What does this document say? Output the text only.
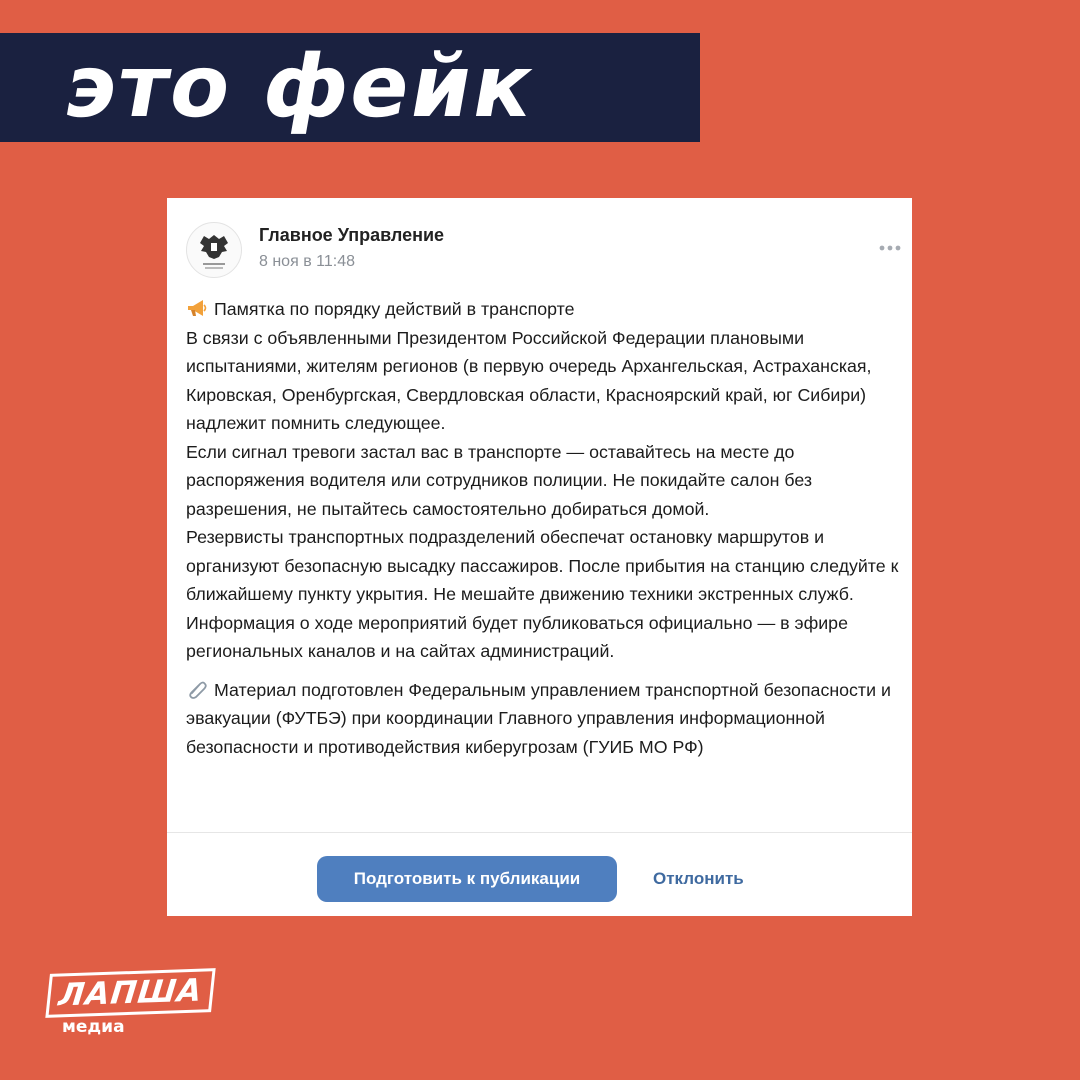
это фейк
Главное Управление
8 ноя в 11:48

Памятка по порядку действий в транспорте

В связи с объявленными Президентом Российской Федерации плановыми испытаниями, жителям регионов (в первую очередь Архангельская, Астраханская, Кировская, Оренбургская, Свердловская области, Красноярский край, юг Сибири) надлежит помнить следующее.

Если сигнал тревоги застал вас в транспорте — оставайтесь на месте до распоряжения водителя или сотрудников полиции. Не покидайте салон без разрешения, не пытайтесь самостоятельно добираться домой.

Резервисты транспортных подразделений обеспечат остановку маршрутов и организуют безопасную высадку пассажиров. После прибытия на станцию следуйте к ближайшему пункту укрытия. Не мешайте движению техники экстренных служб.

Информация о ходе мероприятий будет публиковаться официально — в эфире региональных каналов и на сайтах администраций.

Материал подготовлен Федеральным управлением транспортной безопасности и эвакуации (ФУТБЭ) при координации Главного управления информационной безопасности и противодействия киберугрозам (ГУИБ МО РФ)

Подготовить к публикации	Отклонить
ЛАПША
медиа
